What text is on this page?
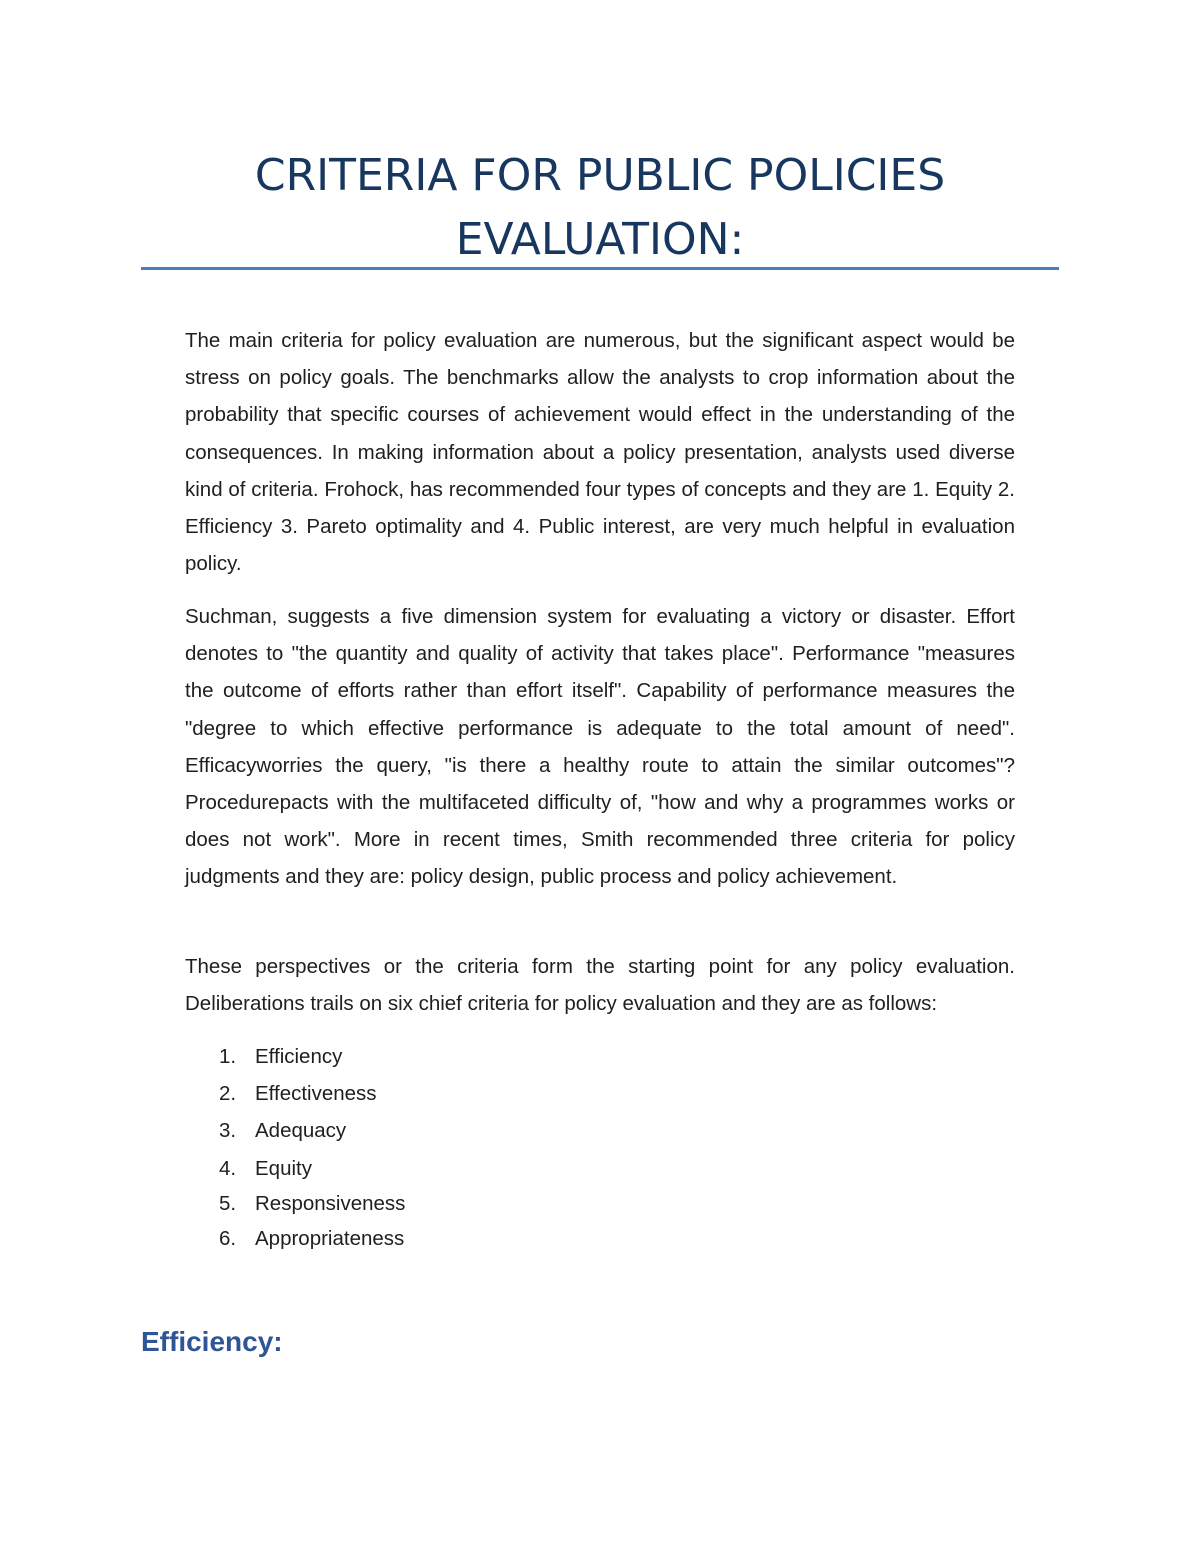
CRITERIA FOR PUBLIC POLICIES
EVALUATION:

The main criteria for policy evaluation are numerous, but the significant aspect would be stress on policy goals. The benchmarks allow the analysts to crop information about the probability that specific courses of achievement would effect in the understanding of the consequences. In making information about a policy presentation, analysts used diverse kind of criteria. Frohock, has recommended four types of concepts and they are 1. Equity 2. Efficiency 3. Pareto optimality and 4. Public interest, are very much helpful in evaluation policy.

Suchman, suggests a five dimension system for evaluating a victory or disaster. Effort denotes to "the quantity and quality of activity that takes place". Performance "measures the outcome of efforts rather than effort itself". Capability of performance measures the "degree to which effective performance is adequate to the total amount of need". Efficacyworries the query, "is there a healthy route to attain the similar outcomes"? Procedurepacts with the multifaceted difficulty of, "how and why a programmes works or does not work". More in recent times, Smith recommended three criteria for policy judgments and they are: policy design, public process and policy achievement.

These perspectives or the criteria form the starting point for any policy evaluation. Deliberations trails on six chief criteria for policy evaluation and they are as follows:

1. Efficiency
2. Effectiveness
3. Adequacy
4. Equity
5. Responsiveness
6. Appropriateness
Efficiency:
